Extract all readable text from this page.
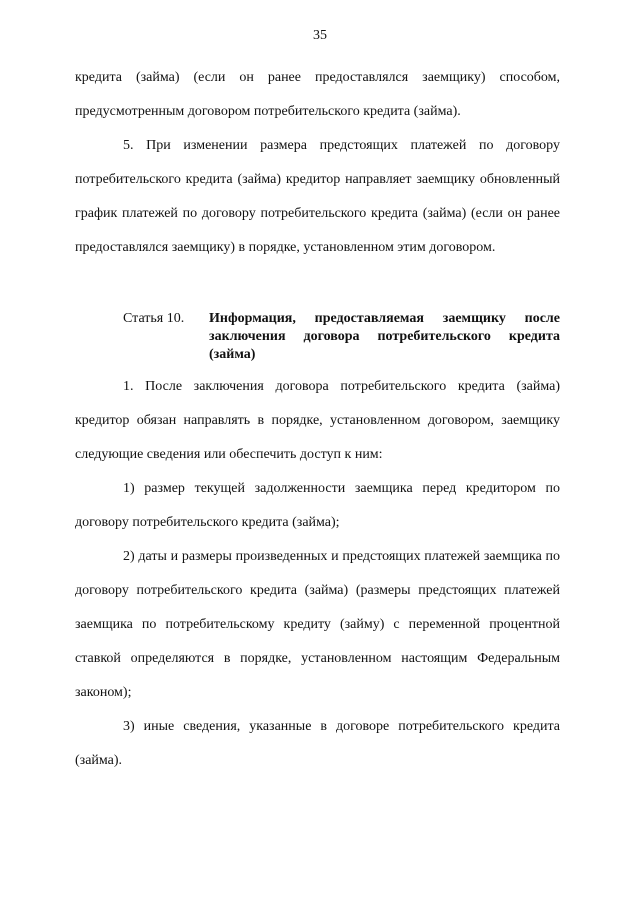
35

кредита (займа) (если он ранее предоставлялся заемщику) способом, предусмотренным договором потребительского кредита (займа).

5. При изменении размера предстоящих платежей по договору потребительского кредита (займа) кредитор направляет заемщику обновленный график платежей по договору потребительского кредита (займа) (если он ранее предоставлялся заемщику) в порядке, установленном этим договором.

Статья 10.	Информация, предоставляемая заемщику после заключения договора потребительского кредита (займа)

1. После заключения договора потребительского кредита (займа) кредитор обязан направлять в порядке, установленном договором, заемщику следующие сведения или обеспечить доступ к ним:

1) размер текущей задолженности заемщика перед кредитором по договору потребительского кредита (займа);

2) даты и размеры произведенных и предстоящих платежей заемщика по договору потребительского кредита (займа) (размеры предстоящих платежей заемщика по потребительскому кредиту (займу) с переменной процентной ставкой определяются в порядке, установленном настоящим Федеральным законом);

3) иные сведения, указанные в договоре потребительского кредита (займа).
